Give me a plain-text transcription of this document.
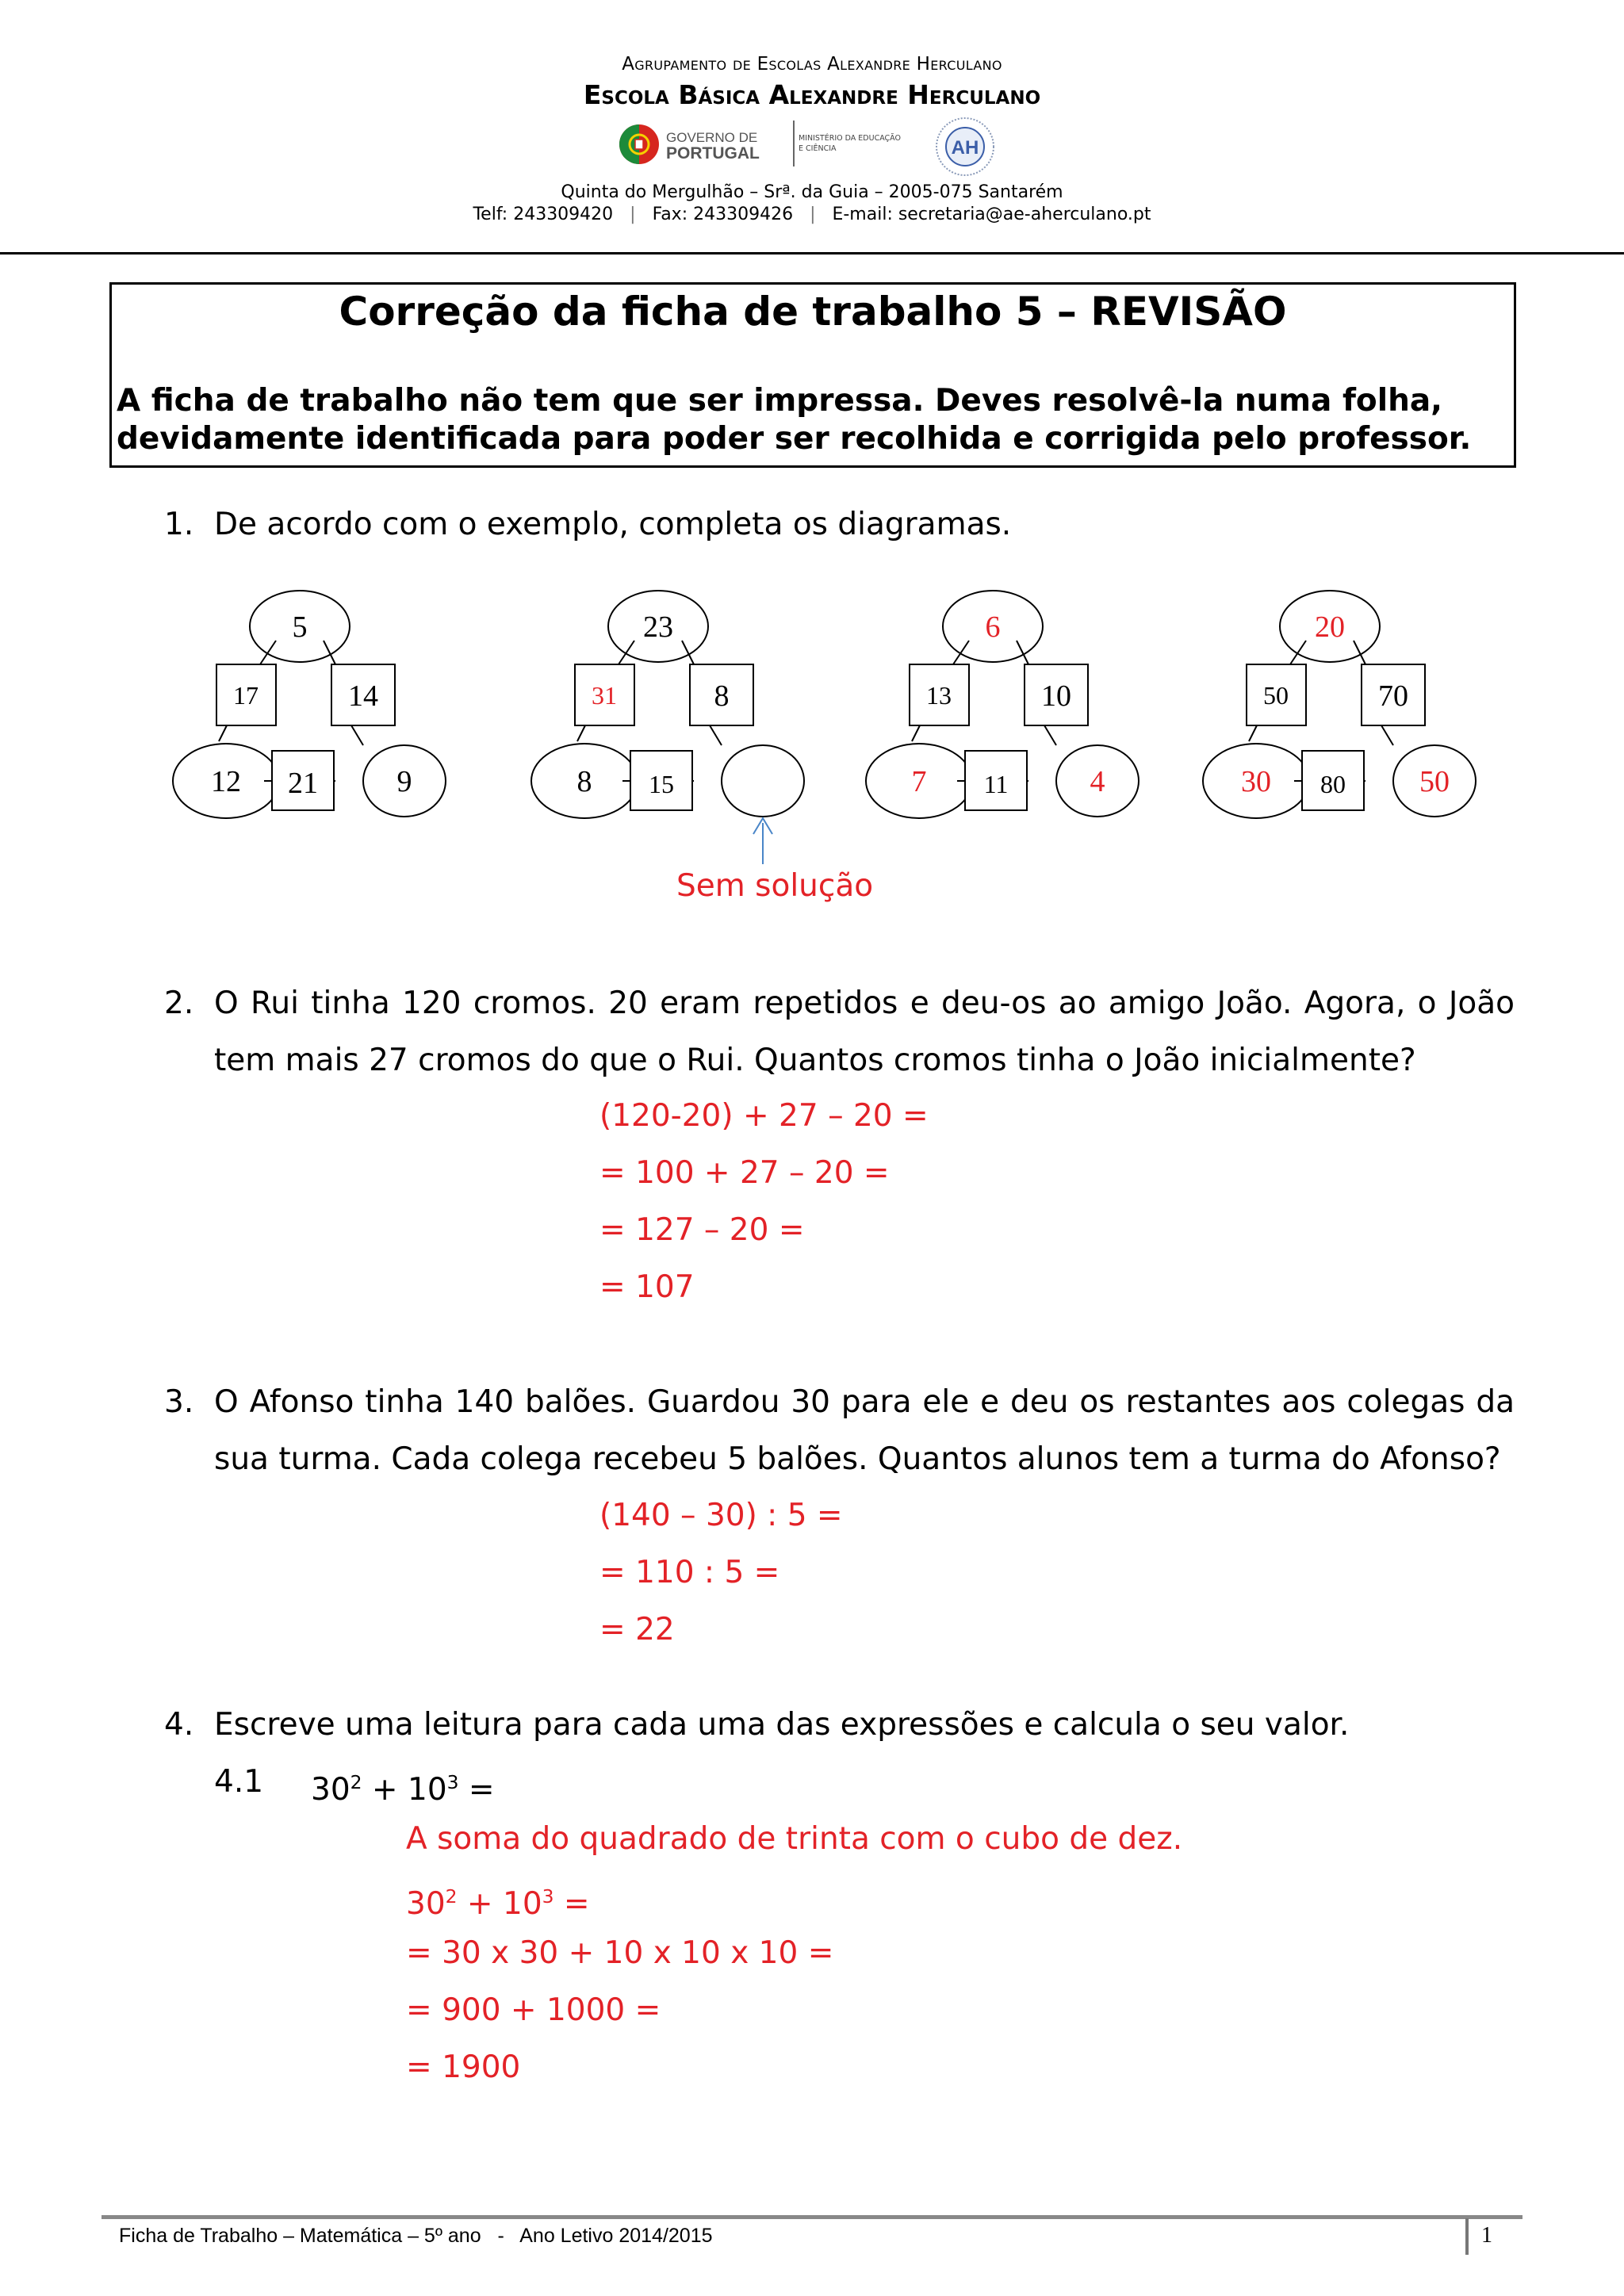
Agrupamento de Escolas Alexandre Herculano
Escola Básica Alexandre Herculano
GOVERNO DE
PORTUGAL
MINISTÉRIO DA EDUCAÇÃO
E CIÊNCIA	AH
Quinta do Mergulhão – Srª. da Guia – 2005-075 Santarém
Telf: 243309420   |   Fax: 243309426   |   E-mail: secretaria@ae-aherculano.pt
Correção da ficha de trabalho 5 – REVISÃO
A ficha de trabalho não tem que ser impressa. Deves resolvê-la numa folha, devidamente identificada para poder ser recolhida e corrigida pelo professor.
1. De acordo com o exemplo, completa os diagramas.
5
17	14
12	9
21
23
31	8
8 15
6
13	10
7	4
11
20
50	70
30	50
80
Sem solução
2. O Rui tinha 120 cromos. 20 eram repetidos e deu-os ao amigo João. Agora, o João tem mais 27 cromos do que o Rui. Quantos cromos tinha o João inicialmente?
(120-20) + 27 – 20 =
= 100 + 27 – 20 =
= 127 – 20 =
= 107
3. O Afonso tinha 140 balões. Guardou 30 para ele e deu os restantes aos colegas da sua turma. Cada colega recebeu 5 balões. Quantos alunos tem a turma do Afonso?
(140 – 30) : 5 =
= 110 : 5 =
= 22
4. Escreve uma leitura para cada uma das expressões e calcula o seu valor.
4.1 $30^2 + 10^3$ =
A soma do quadrado de trinta com o cubo de dez.
$30^2 + 10^3$ =
= 30 x 30 + 10 x 10 x 10 =
= 900 + 1000 =
= 1900
Ficha de Trabalho – Matemática – 5º ano   -   Ano Letivo 2014/2015	1
